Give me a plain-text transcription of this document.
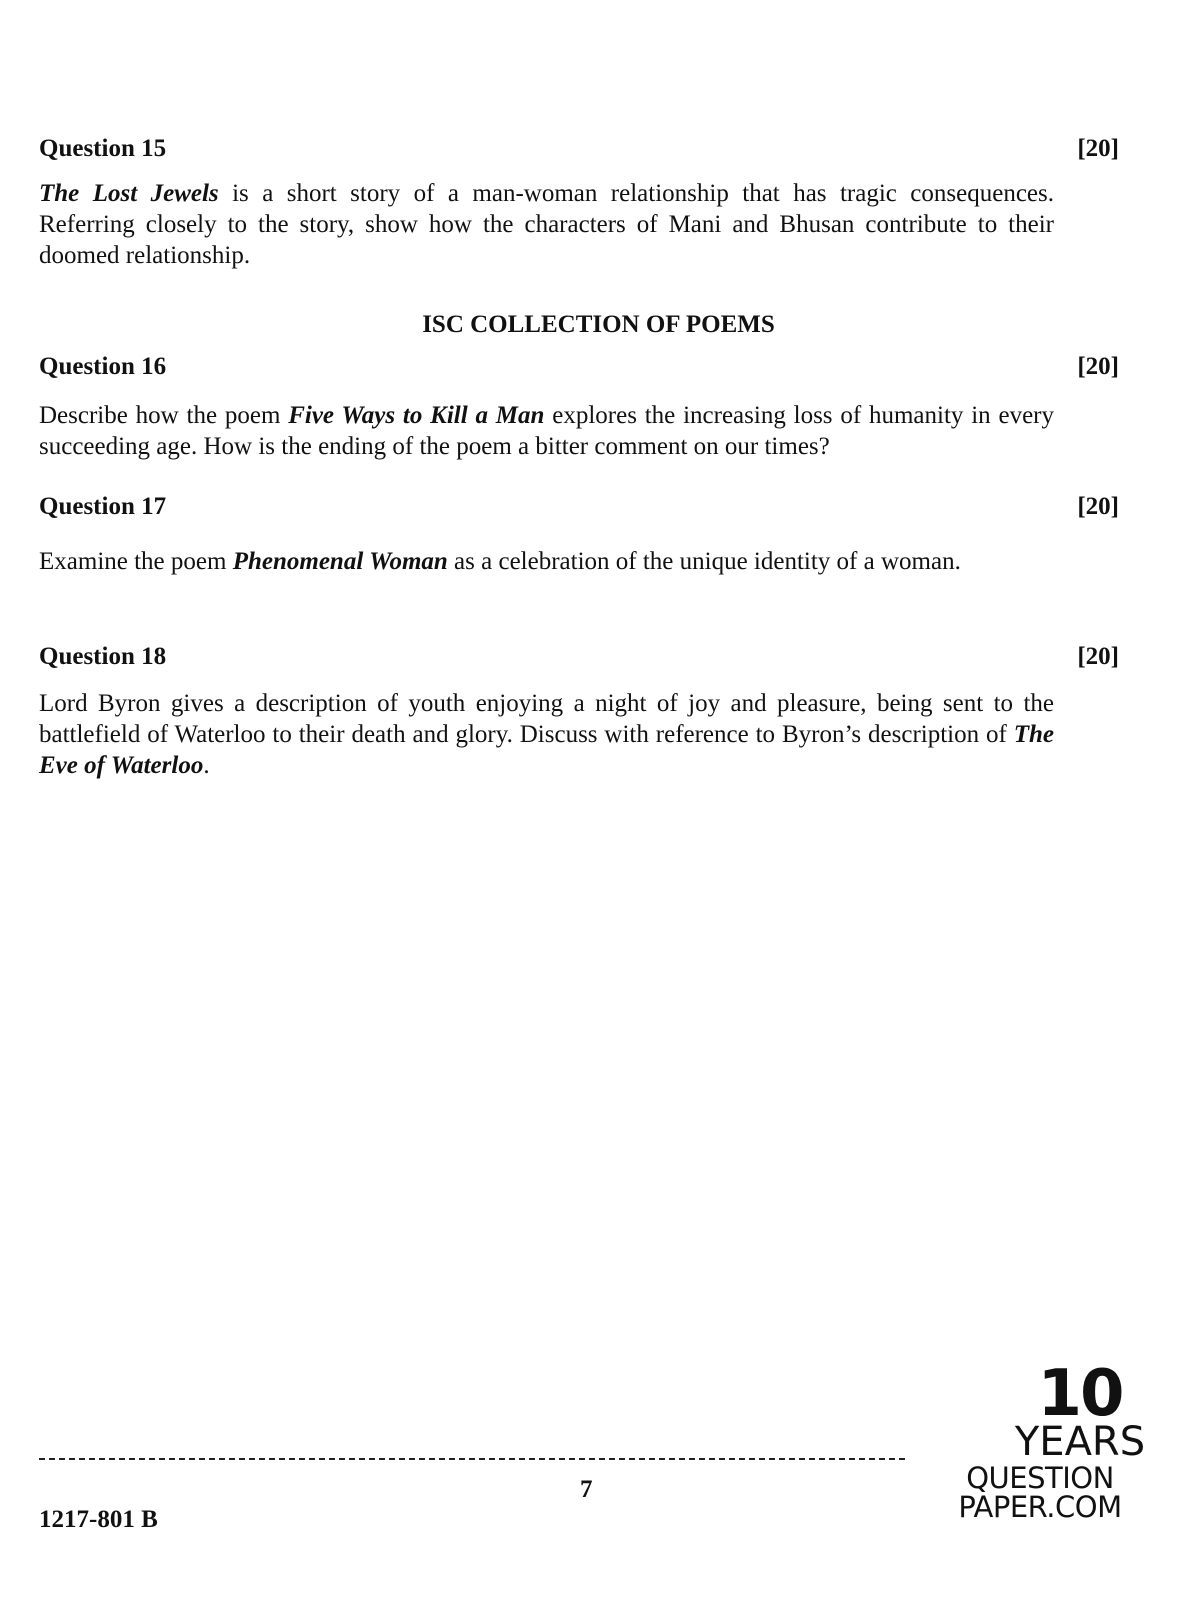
Question 15	[20]
The Lost Jewels is a short story of a man-woman relationship that has tragic consequences. Referring closely to the story, show how the characters of Mani and Bhusan contribute to their doomed relationship.
ISC COLLECTION OF POEMS
Question 16	[20]
Describe how the poem Five Ways to Kill a Man explores the increasing loss of humanity in every succeeding age. How is the ending of the poem a bitter comment on our times?
Question 17	[20]
Examine the poem Phenomenal Woman as a celebration of the unique identity of a woman.
Question 18	[20]
Lord Byron gives a description of youth enjoying a night of joy and pleasure, being sent to the battlefield of Waterloo to their death and glory. Discuss with reference to Byron’s description of The Eve of Waterloo.
7
1217-801 B
10
YEARS
QUESTION PAPER.COM
